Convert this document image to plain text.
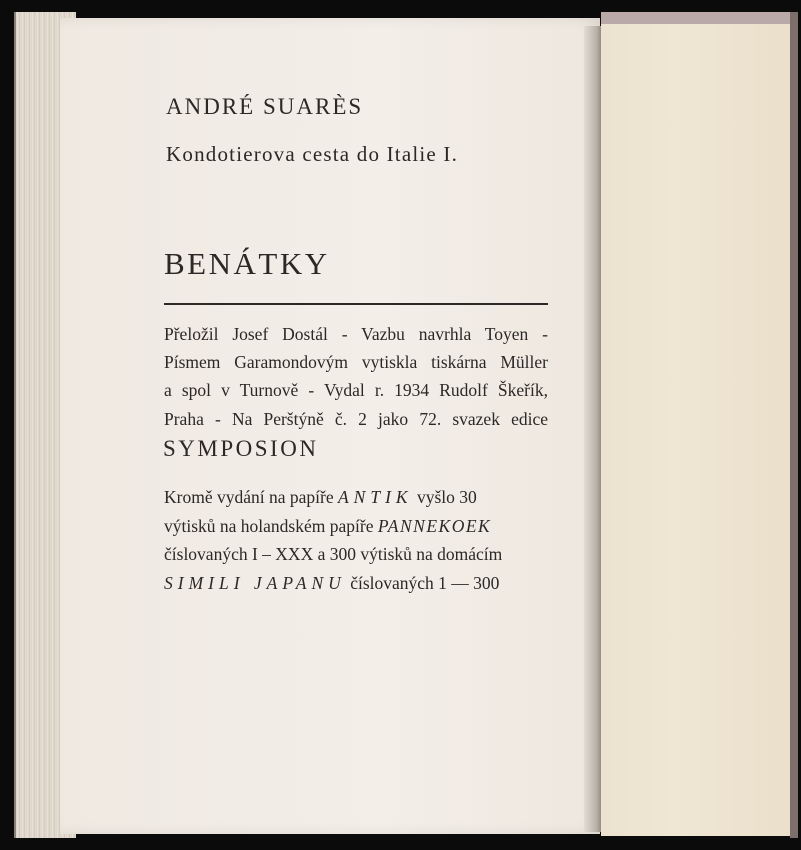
ANDRÉ SUARÈS
Kondotierova cesta do Italie I.
BENÁTKY
Přeložil Josef Dostál - Vazbu navrhla Toyen -
Písmem Garamondovým vytiskla tiskárna Müller
a spol v Turnově - Vydal r. 1934 Rudolf Škeřík,
Praha - Na Perštýně č. 2 jako 72. svazek edice
SYMPOSION
Kromě vydání na papíře ANTIK vyšlo 30
výtisků na holandském papíře PANNEKOEK
číslovaných I – XXX a 300 výtisků na domácím
SIMILI JAPANU číslovaných 1 — 300
